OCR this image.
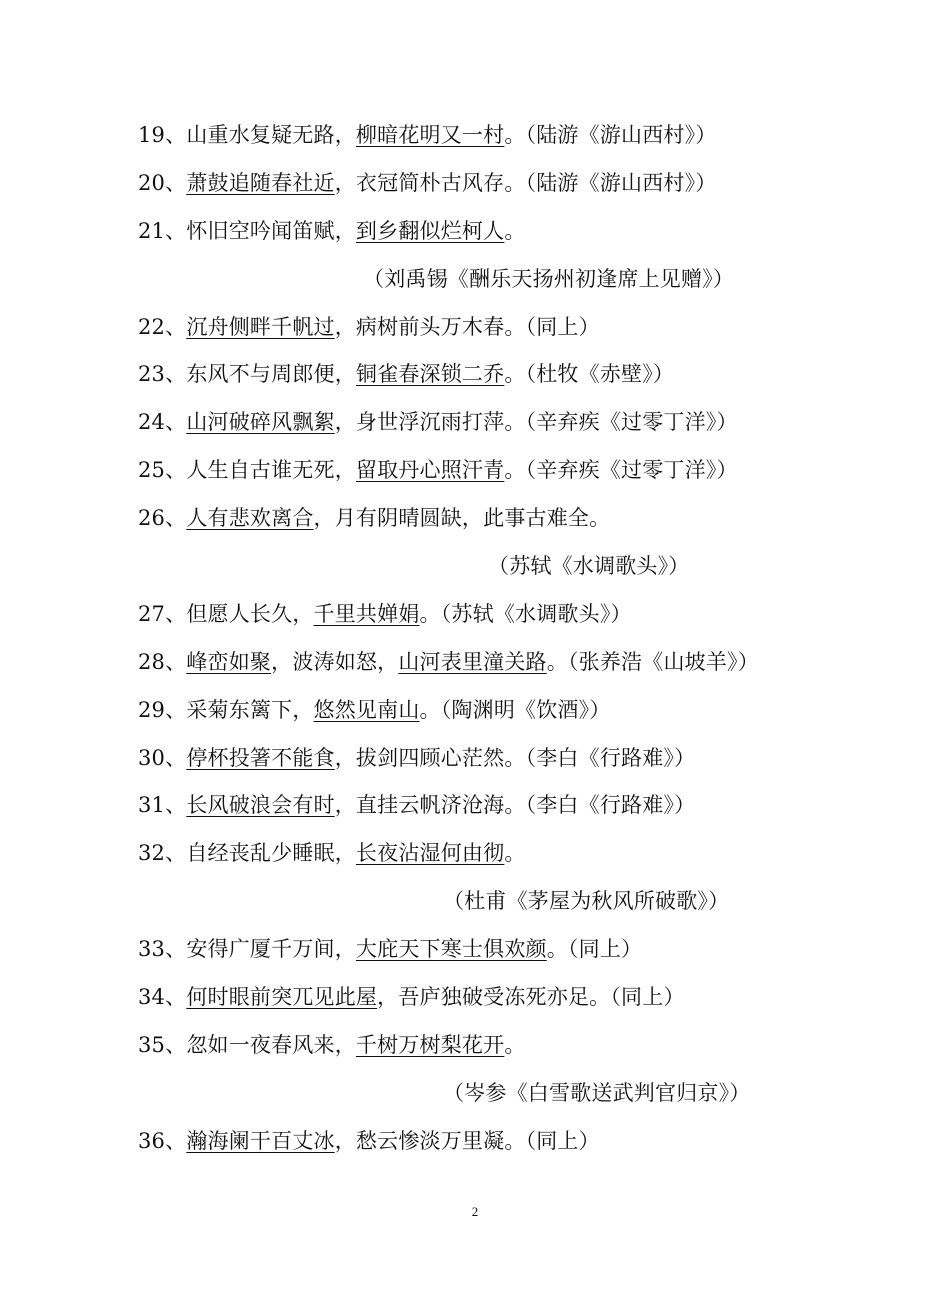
19、山重水复疑无路，柳暗花明又一村。（陆游《游山西村》）
20、萧鼓追随春社近，衣冠简朴古风存。（陆游《游山西村》）
21、怀旧空吟闻笛赋，到乡翻似烂柯人。
（刘禹锡《酬乐天扬州初逢席上见赠》）
22、沉舟侧畔千帆过，病树前头万木春。（同上）
23、东风不与周郎便，铜雀春深锁二乔。（杜牧《赤壁》）
24、山河破碎风飘絮，身世浮沉雨打萍。（辛弃疾《过零丁洋》）
25、人生自古谁无死，留取丹心照汗青。（辛弃疾《过零丁洋》）
26、人有悲欢离合，月有阴晴圆缺，此事古难全。
（苏轼《水调歌头》）
27、但愿人长久，千里共婵娟。（苏轼《水调歌头》）
28、峰峦如聚，波涛如怒，山河表里潼关路。（张养浩《山坡羊》）
29、采菊东篱下，悠然见南山。（陶渊明《饮酒》）
30、停杯投箸不能食，拔剑四顾心茫然。（李白《行路难》）
31、长风破浪会有时，直挂云帆济沧海。（李白《行路难》）
32、自经丧乱少睡眠，长夜沾湿何由彻。
（杜甫《茅屋为秋风所破歌》）
33、安得广厦千万间，大庇天下寒士俱欢颜。（同上）
34、何时眼前突兀见此屋，吾庐独破受冻死亦足。（同上）
35、忽如一夜春风来，千树万树梨花开。
（岑参《白雪歌送武判官归京》）
36、瀚海阑干百丈冰，愁云惨淡万里凝。（同上）
2
